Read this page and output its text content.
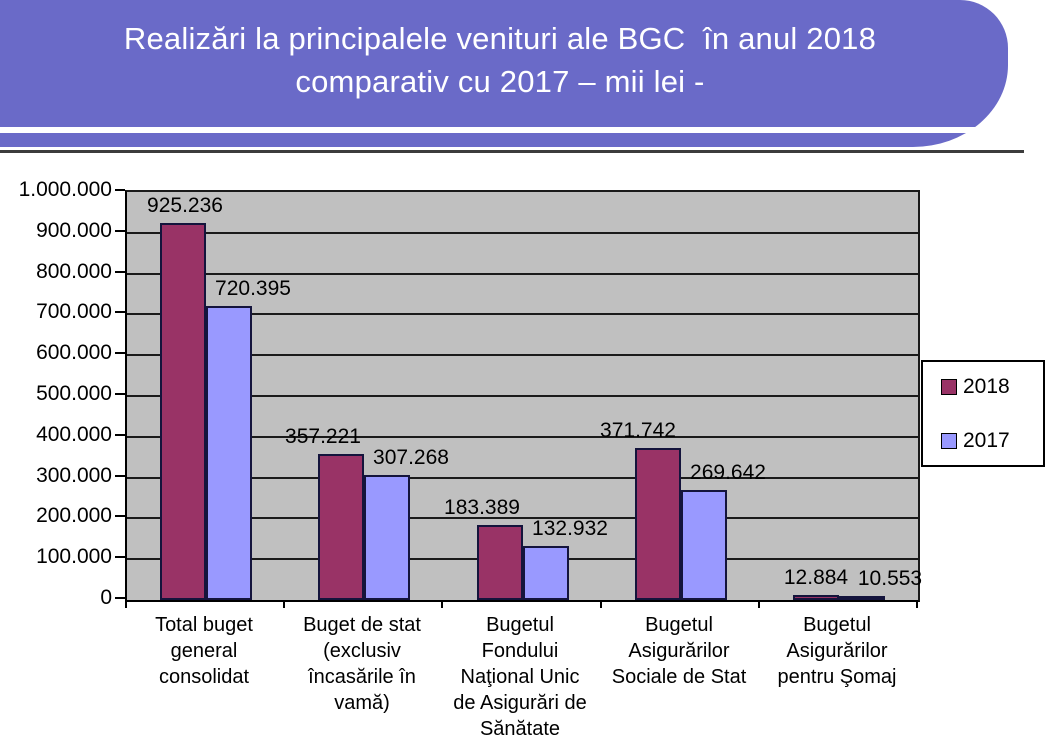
Realizări la principalele venituri ale BGC  în anul 2018
comparativ cu 2017 – mii lei -
1.000.000
900.000
800.000
700.000
600.000
500.000
400.000
300.000
200.000
100.000
0
2018
2017
925.236
720.395
Total buget
general
consolidat
357.221
307.268
Buget de stat
(exclusiv
încasările în
vamă)
183.389
132.932
Bugetul
Fondului
Naţional Unic
de Asigurări de
Sănătate
371.742
269.642
Bugetul
Asigurărilor
Sociale de Stat
12.884 10.553
Bugetul
Asigurărilor
pentru Şomaj
